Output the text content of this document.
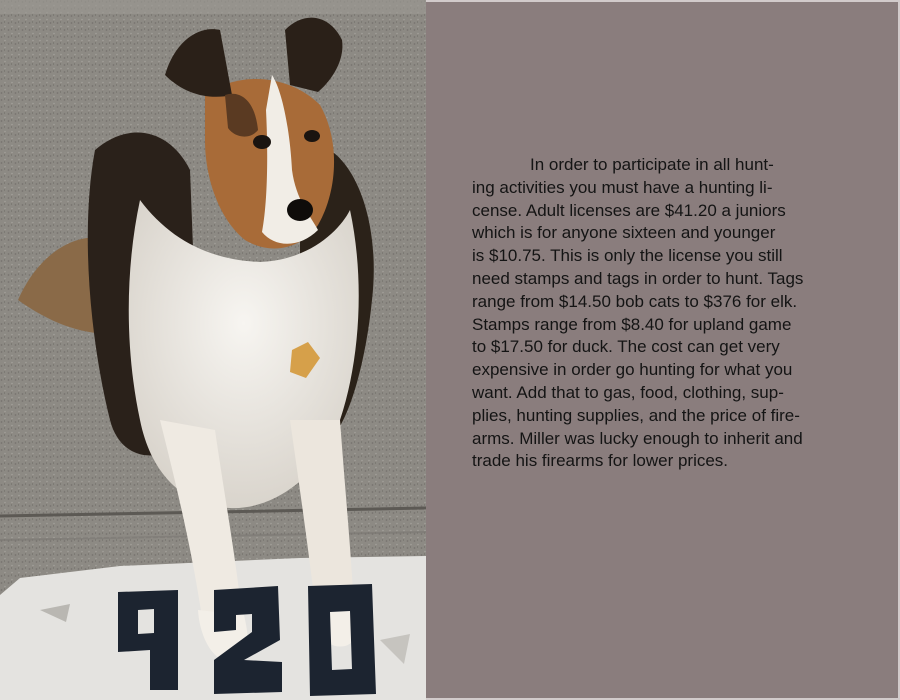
In order to participate in all hunt-
ing activities you must have a hunting li-
cense. Adult licenses are $41.20 a juniors
which is for anyone sixteen and younger
is $10.75. This is only the license you still
need stamps and tags in order to hunt. Tags
range from $14.50 bob cats to $376 for elk.
Stamps range from $8.40 for upland game
to $17.50 for duck. The cost can get very
expensive in order go hunting for what you
want. Add that to gas, food, clothing, sup-
plies, hunting supplies, and the price of fire-
arms. Miller was lucky enough to inherit and
trade his firearms for lower prices.
